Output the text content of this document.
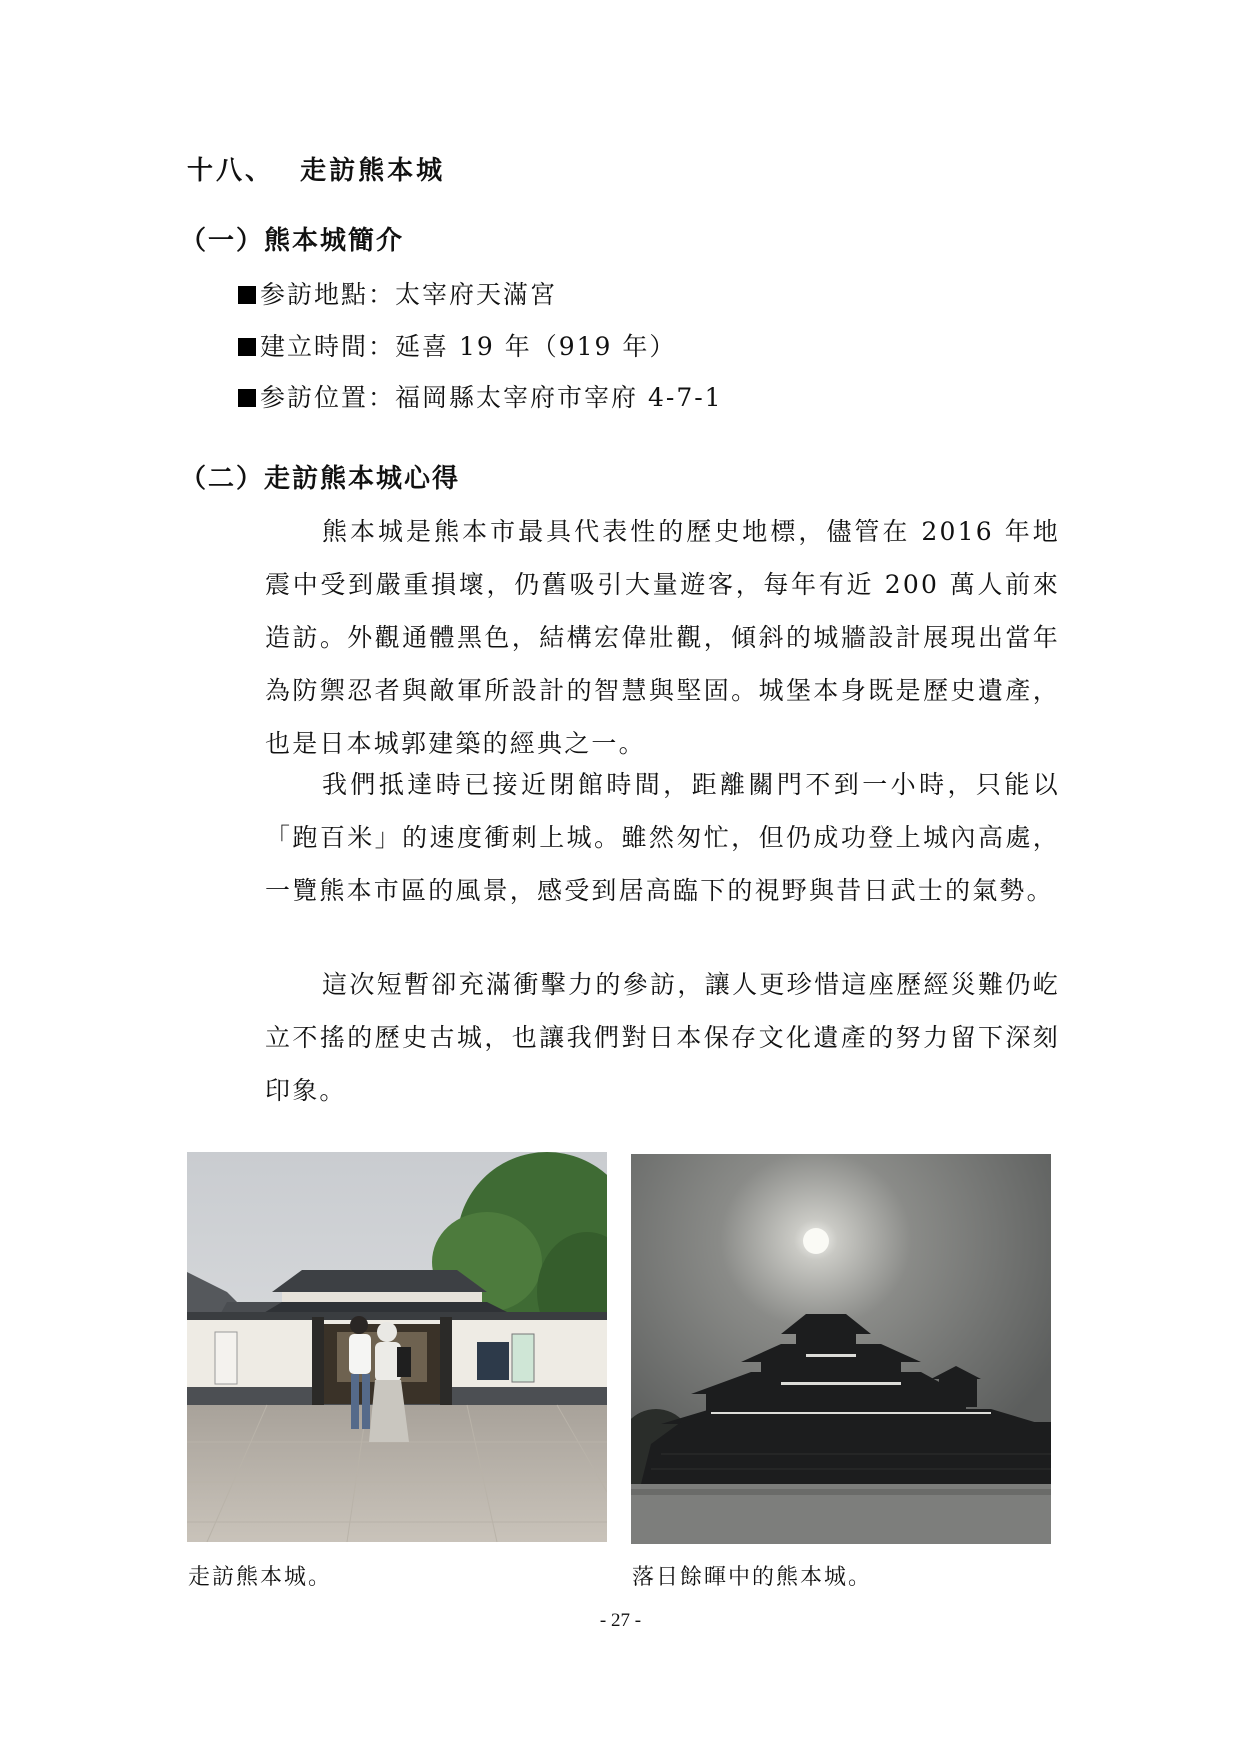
十八、 走訪熊本城
（一）熊本城簡介
参訪地點：太宰府天滿宮
建立時間：延喜 19 年（919 年）
参訪位置：福岡縣太宰府市宰府 4-7-1
（二）走訪熊本城心得
熊本城是熊本市最具代表性的歷史地標，儘管在 2016 年地震中受到嚴重損壞，仍舊吸引大量遊客，每年有近 200 萬人前來造訪。外觀通體黑色，結構宏偉壯觀，傾斜的城牆設計展現出當年為防禦忍者與敵軍所設計的智慧與堅固。城堡本身既是歷史遺產，也是日本城郭建築的經典之一。
我們抵達時已接近閉館時間，距離關門不到一小時，只能以「跑百米」的速度衝刺上城。雖然匆忙，但仍成功登上城內高處，一覽熊本市區的風景，感受到居高臨下的視野與昔日武士的氣勢。
這次短暫卻充滿衝擊力的參訪，讓人更珍惜這座歷經災難仍屹立不搖的歷史古城，也讓我們對日本保存文化遺產的努力留下深刻印象。
走訪熊本城。	落日餘暉中的熊本城。
- 27 -
